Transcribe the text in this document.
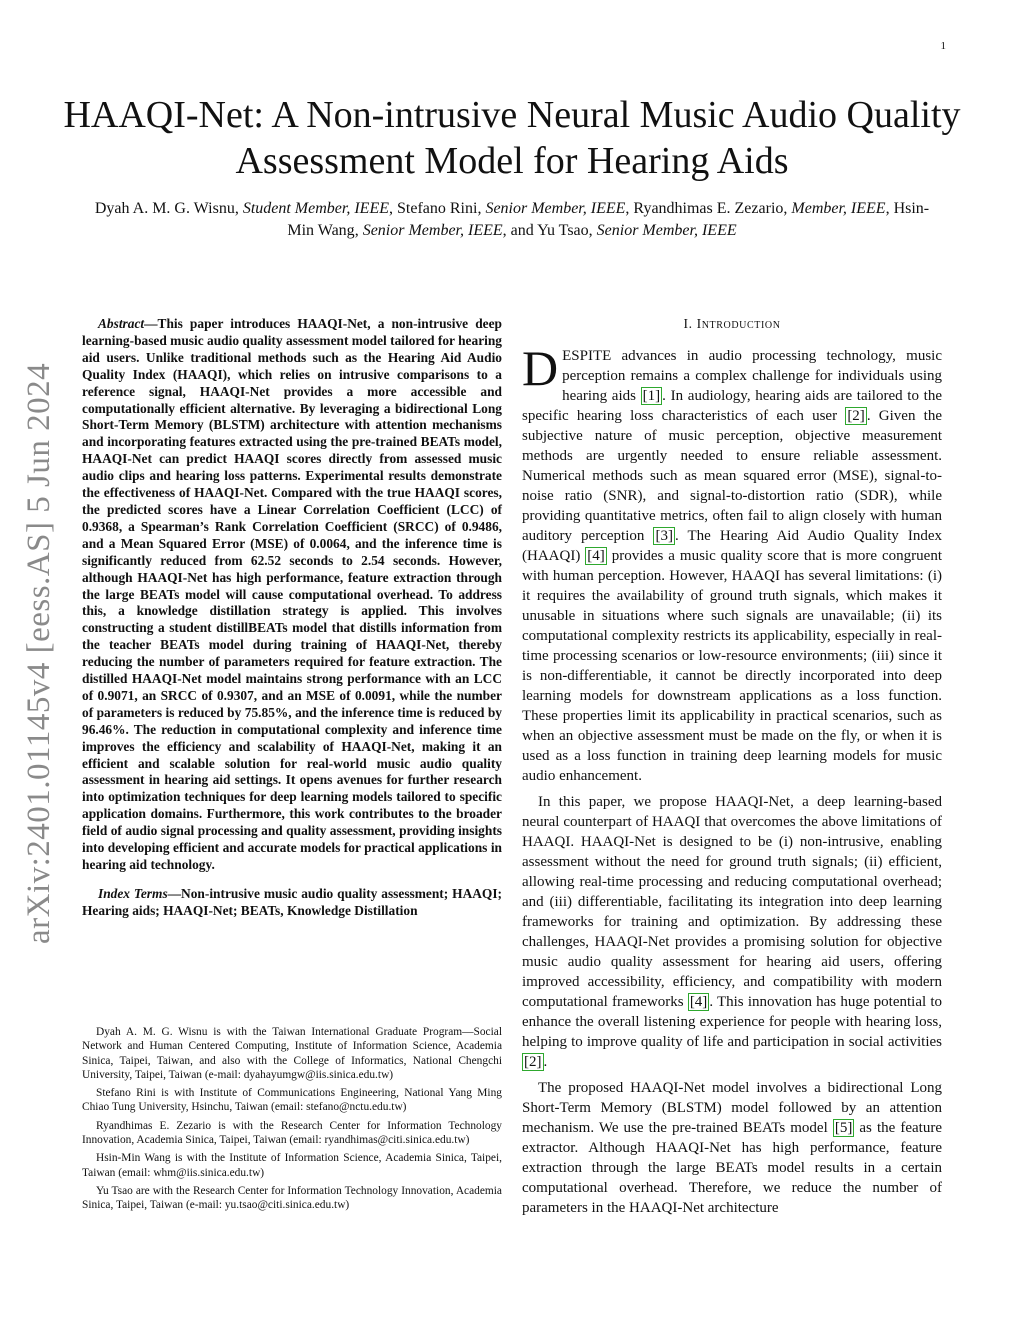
1
arXiv:2401.01145v4 [eess.AS] 5 Jun 2024
HAAQI-Net: A Non-intrusive Neural Music Audio Quality Assessment Model for Hearing Aids
Dyah A. M. G. Wisnu, Student Member, IEEE, Stefano Rini, Senior Member, IEEE, Ryandhimas E. Zezario, Member, IEEE, Hsin-Min Wang, Senior Member, IEEE, and Yu Tsao, Senior Member, IEEE

Abstract—This paper introduces HAAQI-Net, a non-intrusive deep learning-based music audio quality assessment model tailored for hearing aid users. Unlike traditional methods such as the Hearing Aid Audio Quality Index (HAAQI), which relies on intrusive comparisons to a reference signal, HAAQI-Net provides a more accessible and computationally efficient alternative. By leveraging a bidirectional Long Short-Term Memory (BLSTM) architecture with attention mechanisms and incorporating features extracted using the pre-trained BEATs model, HAAQI-Net can predict HAAQI scores directly from assessed music audio clips and hearing loss patterns. Experimental results demonstrate the effectiveness of HAAQI-Net. Compared with the true HAAQI scores, the predicted scores have a Linear Correlation Coefficient (LCC) of 0.9368, a Spearman’s Rank Correlation Coefficient (SRCC) of 0.9486, and a Mean Squared Error (MSE) of 0.0064, and the inference time is significantly reduced from 62.52 seconds to 2.54 seconds. However, although HAAQI-Net has high performance, feature extraction through the large BEATs model will cause computational overhead. To address this, a knowledge distillation strategy is applied. This involves constructing a student distillBEATs model that distills information from the teacher BEATs model during training of HAAQI-Net, thereby reducing the number of parameters required for feature extraction. The distilled HAAQI-Net model maintains strong performance with an LCC of 0.9071, an SRCC of 0.9307, and an MSE of 0.0091, while the number of parameters is reduced by 75.85%, and the inference time is reduced by 96.46%. The reduction in computational complexity and inference time improves the efficiency and scalability of HAAQI-Net, making it an efficient and scalable solution for real-world music audio quality assessment in hearing aid settings. It opens avenues for further research into optimization techniques for deep learning models tailored to specific application domains. Furthermore, this work contributes to the broader field of audio signal processing and quality assessment, providing insights into developing efficient and accurate models for practical applications in hearing aid technology.

Index Terms—Non-intrusive music audio quality assessment; HAAQI; Hearing aids; HAAQI-Net; BEATs, Knowledge Distillation

Dyah A. M. G. Wisnu is with the Taiwan International Graduate Program—Social Network and Human Centered Computing, Institute of Information Science, Academia Sinica, Taipei, Taiwan, and also with the College of Informatics, National Chengchi University, Taipei, Taiwan (e-mail: dyahayumgw@iis.sinica.edu.tw)

Stefano Rini is with Institute of Communications Engineering, National Yang Ming Chiao Tung University, Hsinchu, Taiwan (email: stefano@nctu.edu.tw)

Ryandhimas E. Zezario is with the Research Center for Information Technology Innovation, Academia Sinica, Taipei, Taiwan (email: ryandhimas@citi.sinica.edu.tw)

Hsin-Min Wang is with the Institute of Information Science, Academia Sinica, Taipei, Taiwan (email: whm@iis.sinica.edu.tw)

Yu Tsao are with the Research Center for Information Technology Innovation, Academia Sinica, Taipei, Taiwan (e-mail: yu.tsao@citi.sinica.edu.tw)

I. Introduction

DESPITE advances in audio processing technology, music perception remains a complex challenge for individuals using hearing aids [1] . In audiology, hearing aids are tailored to the specific hearing loss characteristics of each user [2] . Given the subjective nature of music perception, objective measurement methods are urgently needed to ensure reliable assessment. Numerical methods such as mean squared error (MSE), signal-to-noise ratio (SNR), and signal-to-distortion ratio (SDR), while providing quantitative metrics, often fail to align closely with human auditory perception [3] . The Hearing Aid Audio Quality Index (HAAQI) [4] provides a music quality score that is more congruent with human perception. However, HAAQI has several limitations: (i) it requires the availability of ground truth signals, which makes it unusable in situations where such signals are unavailable; (ii) its computational complexity restricts its applicability, especially in real-time processing scenarios or low-resource environments; (iii) since it is non-differentiable, it cannot be directly incorporated into deep learning models for downstream applications as a loss function. These properties limit its applicability in practical scenarios, such as when an objective assessment must be made on the fly, or when it is used as a loss function in training deep learning models for music audio enhancement.

In this paper, we propose HAAQI-Net, a deep learning-based neural counterpart of HAAQI that overcomes the above limitations of HAAQI. HAAQI-Net is designed to be (i) non-intrusive, enabling assessment without the need for ground truth signals; (ii) efficient, allowing real-time processing and reducing computational overhead; and (iii) differentiable, facilitating its integration into deep learning frameworks for training and optimization. By addressing these challenges, HAAQI-Net provides a promising solution for objective music audio quality assessment for hearing aid users, offering improved accessibility, efficiency, and compatibility with modern computational frameworks [4] . This innovation has huge potential to enhance the overall listening experience for people with hearing loss, helping to improve quality of life and participation in social activities [2] .

The proposed HAAQI-Net model involves a bidirectional Long Short-Term Memory (BLSTM) model followed by an attention mechanism. We use the pre-trained BEATs model [5] as the feature extractor. Although HAAQI-Net has high performance, feature extraction through the large BEATs model results in a certain computational overhead. Therefore, we reduce the number of parameters in the HAAQI-Net architecture
